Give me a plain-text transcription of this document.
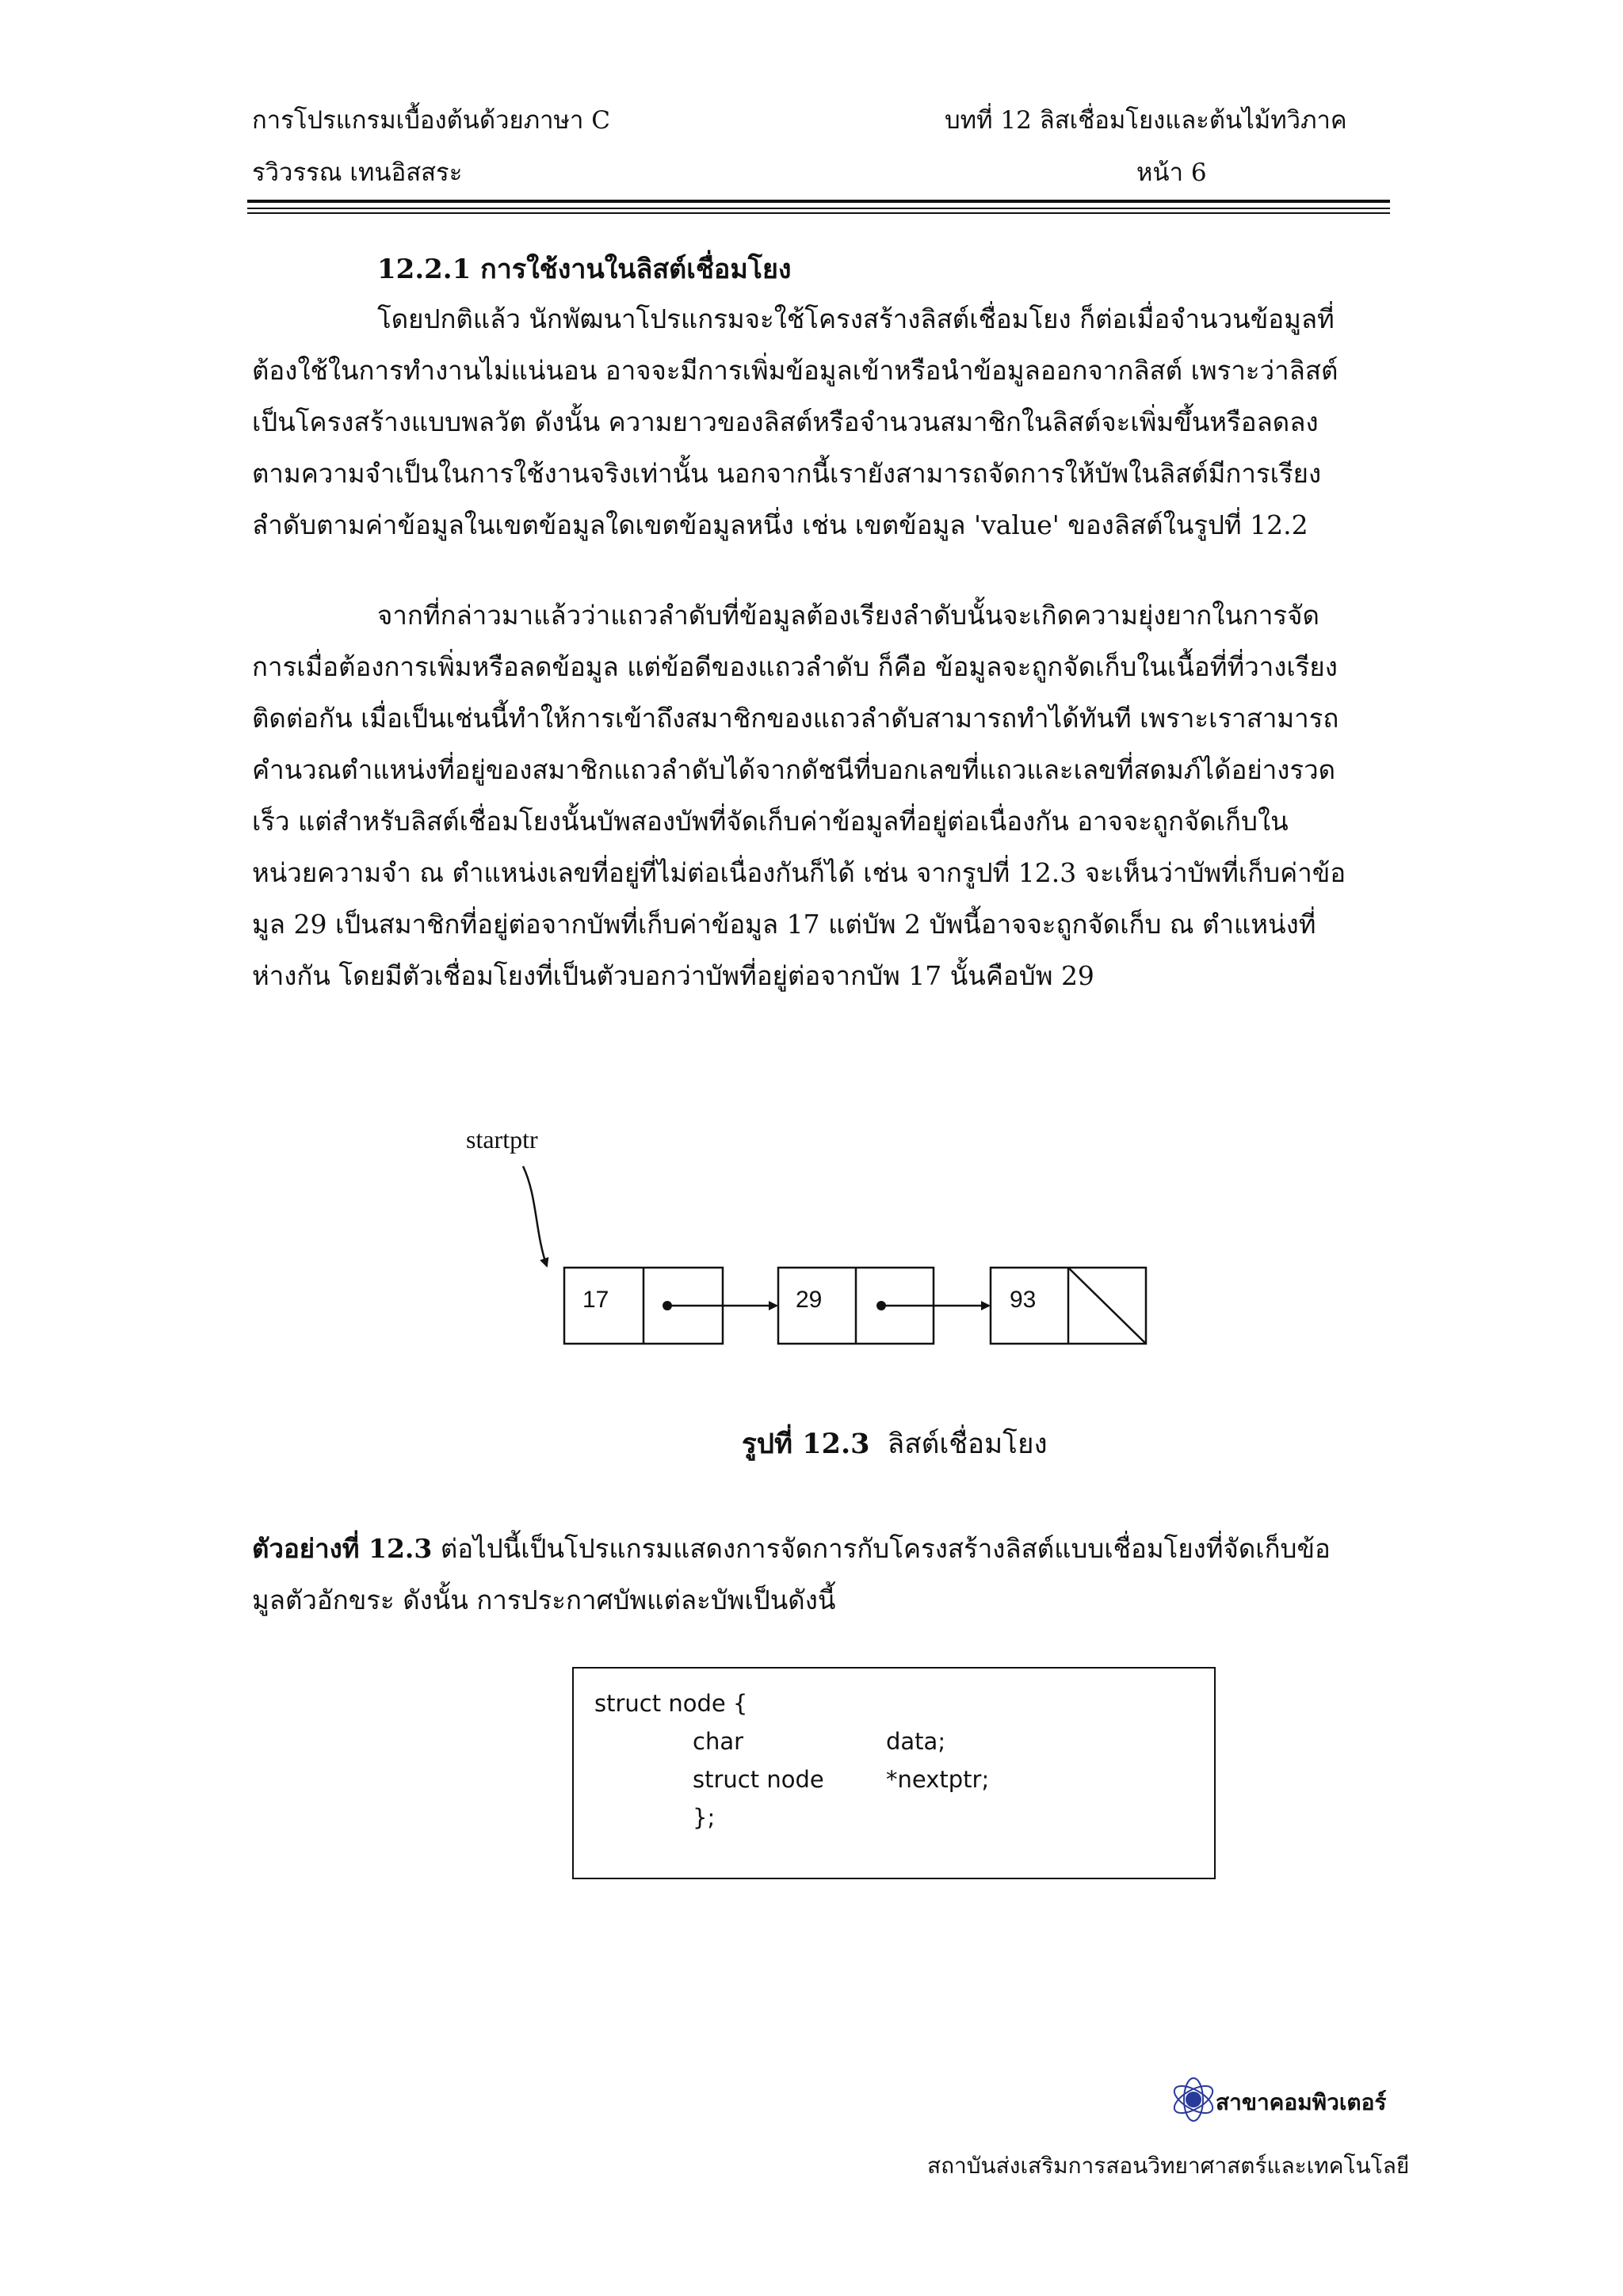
การโปรแกรมเบื้องต้นด้วยภาษา C	บทที่ 12 ลิสเชื่อมโยงและต้นไม้ทวิภาค
รวิวรรณ เทนอิสสระ	หน้า 6
12.2.1 การใช้งานในลิสต์เชื่อมโยง
โดยปกติแล้ว นักพัฒนาโปรแกรมจะใช้โครงสร้างลิสต์เชื่อมโยง ก็ต่อเมื่อจำนวนข้อมูลที่
ต้องใช้ในการทำงานไม่แน่นอน อาจจะมีการเพิ่มข้อมูลเข้าหรือนำข้อมูลออกจากลิสต์ เพราะว่าลิสต์
เป็นโครงสร้างแบบพลวัต ดังนั้น ความยาวของลิสต์หรือจำนวนสมาชิกในลิสต์จะเพิ่มขึ้นหรือลดลง
ตามความจำเป็นในการใช้งานจริงเท่านั้น นอกจากนี้เรายังสามารถจัดการให้บัพในลิสต์มีการเรียง
ลำดับตามค่าข้อมูลในเขตข้อมูลใดเขตข้อมูลหนึ่ง เช่น เขตข้อมูล 'value' ของลิสต์ในรูปที่ 12.2
จากที่กล่าวมาแล้วว่าแถวลำดับที่ข้อมูลต้องเรียงลำดับนั้นจะเกิดความยุ่งยากในการจัด
การเมื่อต้องการเพิ่มหรือลดข้อมูล แต่ข้อดีของแถวลำดับ ก็คือ ข้อมูลจะถูกจัดเก็บในเนื้อที่ที่วางเรียง
ติดต่อกัน เมื่อเป็นเช่นนี้ทำให้การเข้าถึงสมาชิกของแถวลำดับสามารถทำได้ทันที เพราะเราสามารถ
คำนวณตำแหน่งที่อยู่ของสมาชิกแถวลำดับได้จากดัชนีที่บอกเลขที่แถวและเลขที่สดมภ์ได้อย่างรวด
เร็ว แต่สำหรับลิสต์เชื่อมโยงนั้นบัพสองบัพที่จัดเก็บค่าข้อมูลที่อยู่ต่อเนื่องกัน อาจจะถูกจัดเก็บใน
หน่วยความจำ ณ ตำแหน่งเลขที่อยู่ที่ไม่ต่อเนื่องกันก็ได้ เช่น จากรูปที่ 12.3 จะเห็นว่าบัพที่เก็บค่าข้อ
มูล 29 เป็นสมาชิกที่อยู่ต่อจากบัพที่เก็บค่าข้อมูล 17 แต่บัพ 2 บัพนี้อาจจะถูกจัดเก็บ ณ ตำแหน่งที่
ห่างกัน โดยมีตัวเชื่อมโยงที่เป็นตัวบอกว่าบัพที่อยู่ต่อจากบัพ 17 นั้นคือบัพ 29
startptr
17	29	93
รูปที่ 12.3 ลิสต์เชื่อมโยง
ตัวอย่างที่ 12.3 ต่อไปนี้เป็นโปรแกรมแสดงการจัดการกับโครงสร้างลิสต์แบบเชื่อมโยงที่จัดเก็บข้อ
มูลตัวอักขระ ดังนั้น การประกาศบัพแต่ละบัพเป็นดังนี้
struct node {
char	data;
struct node	*nextptr;
};
สาขาคอมพิวเตอร์
สถาบันส่งเสริมการสอนวิทยาศาสตร์และเทคโนโลยี
